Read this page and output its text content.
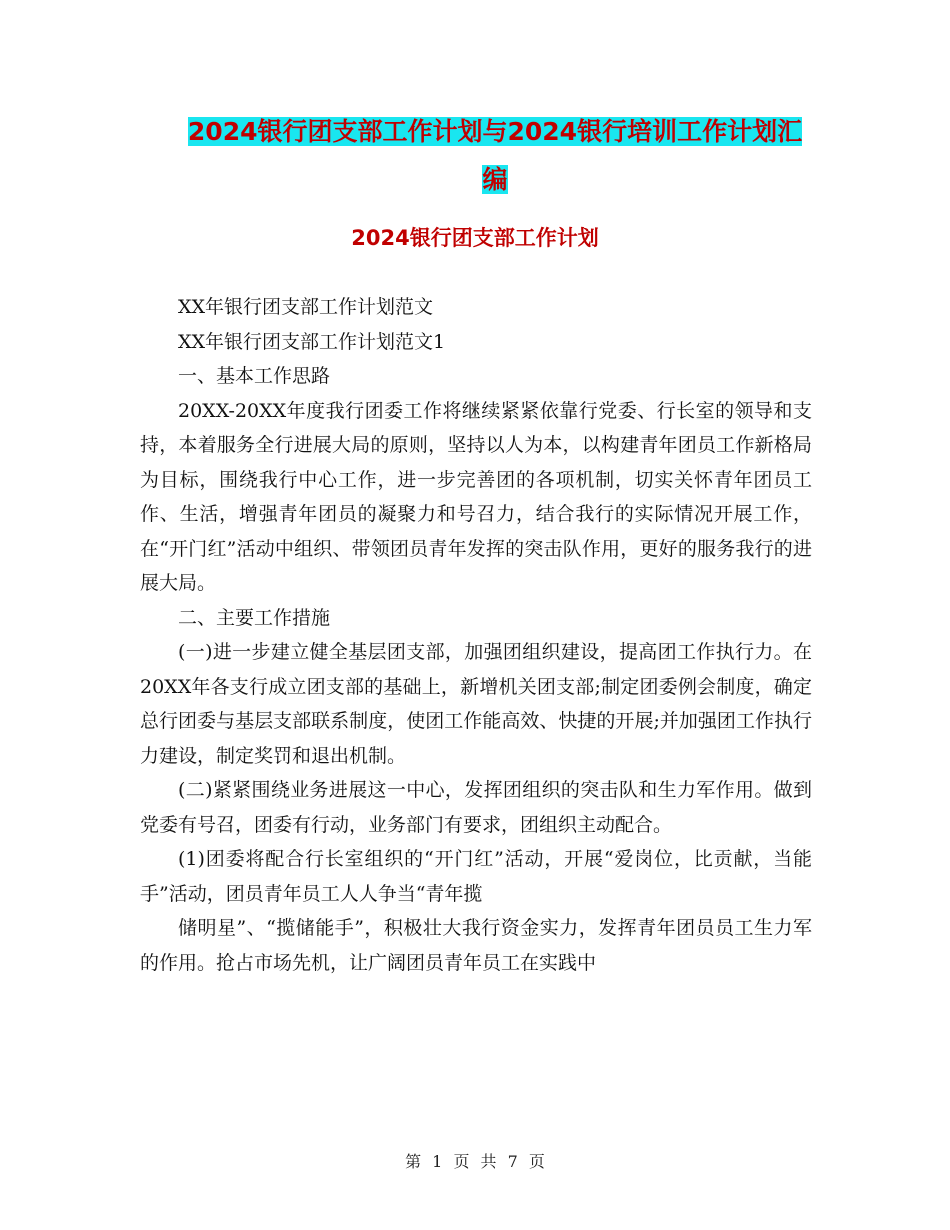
2024银行团支部工作计划与2024银行培训工作计划汇
编
2024银行团支部工作计划

XX年银行团支部工作计划范文

XX年银行团支部工作计划范文1

一、基本工作思路

20XX-20XX年度我行团委工作将继续紧紧依靠行党委、行长室的领导和支持，本着服务全行进展大局的原则，坚持以人为本，以构建青年团员工作新格局为目标，围绕我行中心工作，进一步完善团的各项机制，切实关怀青年团员工作、生活，增强青年团员的凝聚力和号召力，结合我行的实际情况开展工作，在“开门红”活动中组织、带领团员青年发挥的突击队作用，更好的服务我行的进展大局。

二、主要工作措施

(一)进一步建立健全基层团支部，加强团组织建设，提高团工作执行力。在20XX年各支行成立团支部的基础上，新增机关团支部;制定团委例会制度，确定总行团委与基层支部联系制度，使团工作能高效、快捷的开展;并加强团工作执行力建设，制定奖罚和退出机制。

(二)紧紧围绕业务进展这一中心，发挥团组织的突击队和生力军作用。做到党委有号召，团委有行动，业务部门有要求，团组织主动配合。

(1)团委将配合行长室组织的“开门红”活动，开展“爱岗位，比贡献，当能手”活动，团员青年员工人人争当“青年揽

储明星”、“揽储能手”，积极壮大我行资金实力，发挥青年团员员工生力军的作用。抢占市场先机，让广阔团员青年员工在实践中

第 1 页 共 7 页
